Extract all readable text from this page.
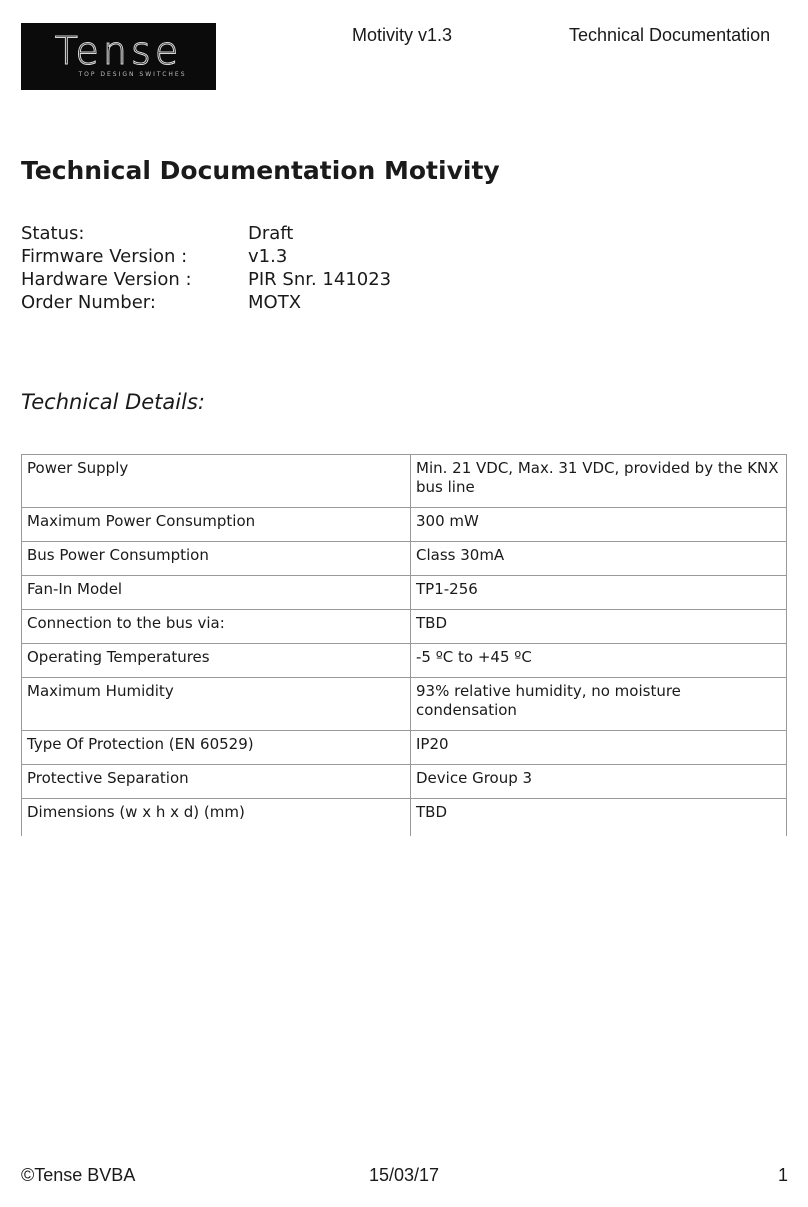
Tense
TOP DESIGN SWITCHES
Motivity v1.3	Technical Documentation
Technical Documentation Motivity
Status:	Draft
Firmware Version :	v1.3
Hardware Version :	PIR Snr. 141023
Order Number:	MOTX
Technical Details:
Power Supply	Min. 21 VDC, Max. 31 VDC, provided by the KNX bus line
Maximum Power Consumption	300 mW
Bus Power Consumption	Class 30mA
Fan-In Model	TP1-256
Connection to the bus via:	TBD
Operating Temperatures	-5 ºC to +45 ºC
Maximum Humidity	93% relative humidity, no moisture condensation
Type Of Protection (EN 60529)	IP20
Protective Separation	Device Group 3
Dimensions (w x h x d) (mm)	TBD
©Tense BVBA	15/03/17	1
